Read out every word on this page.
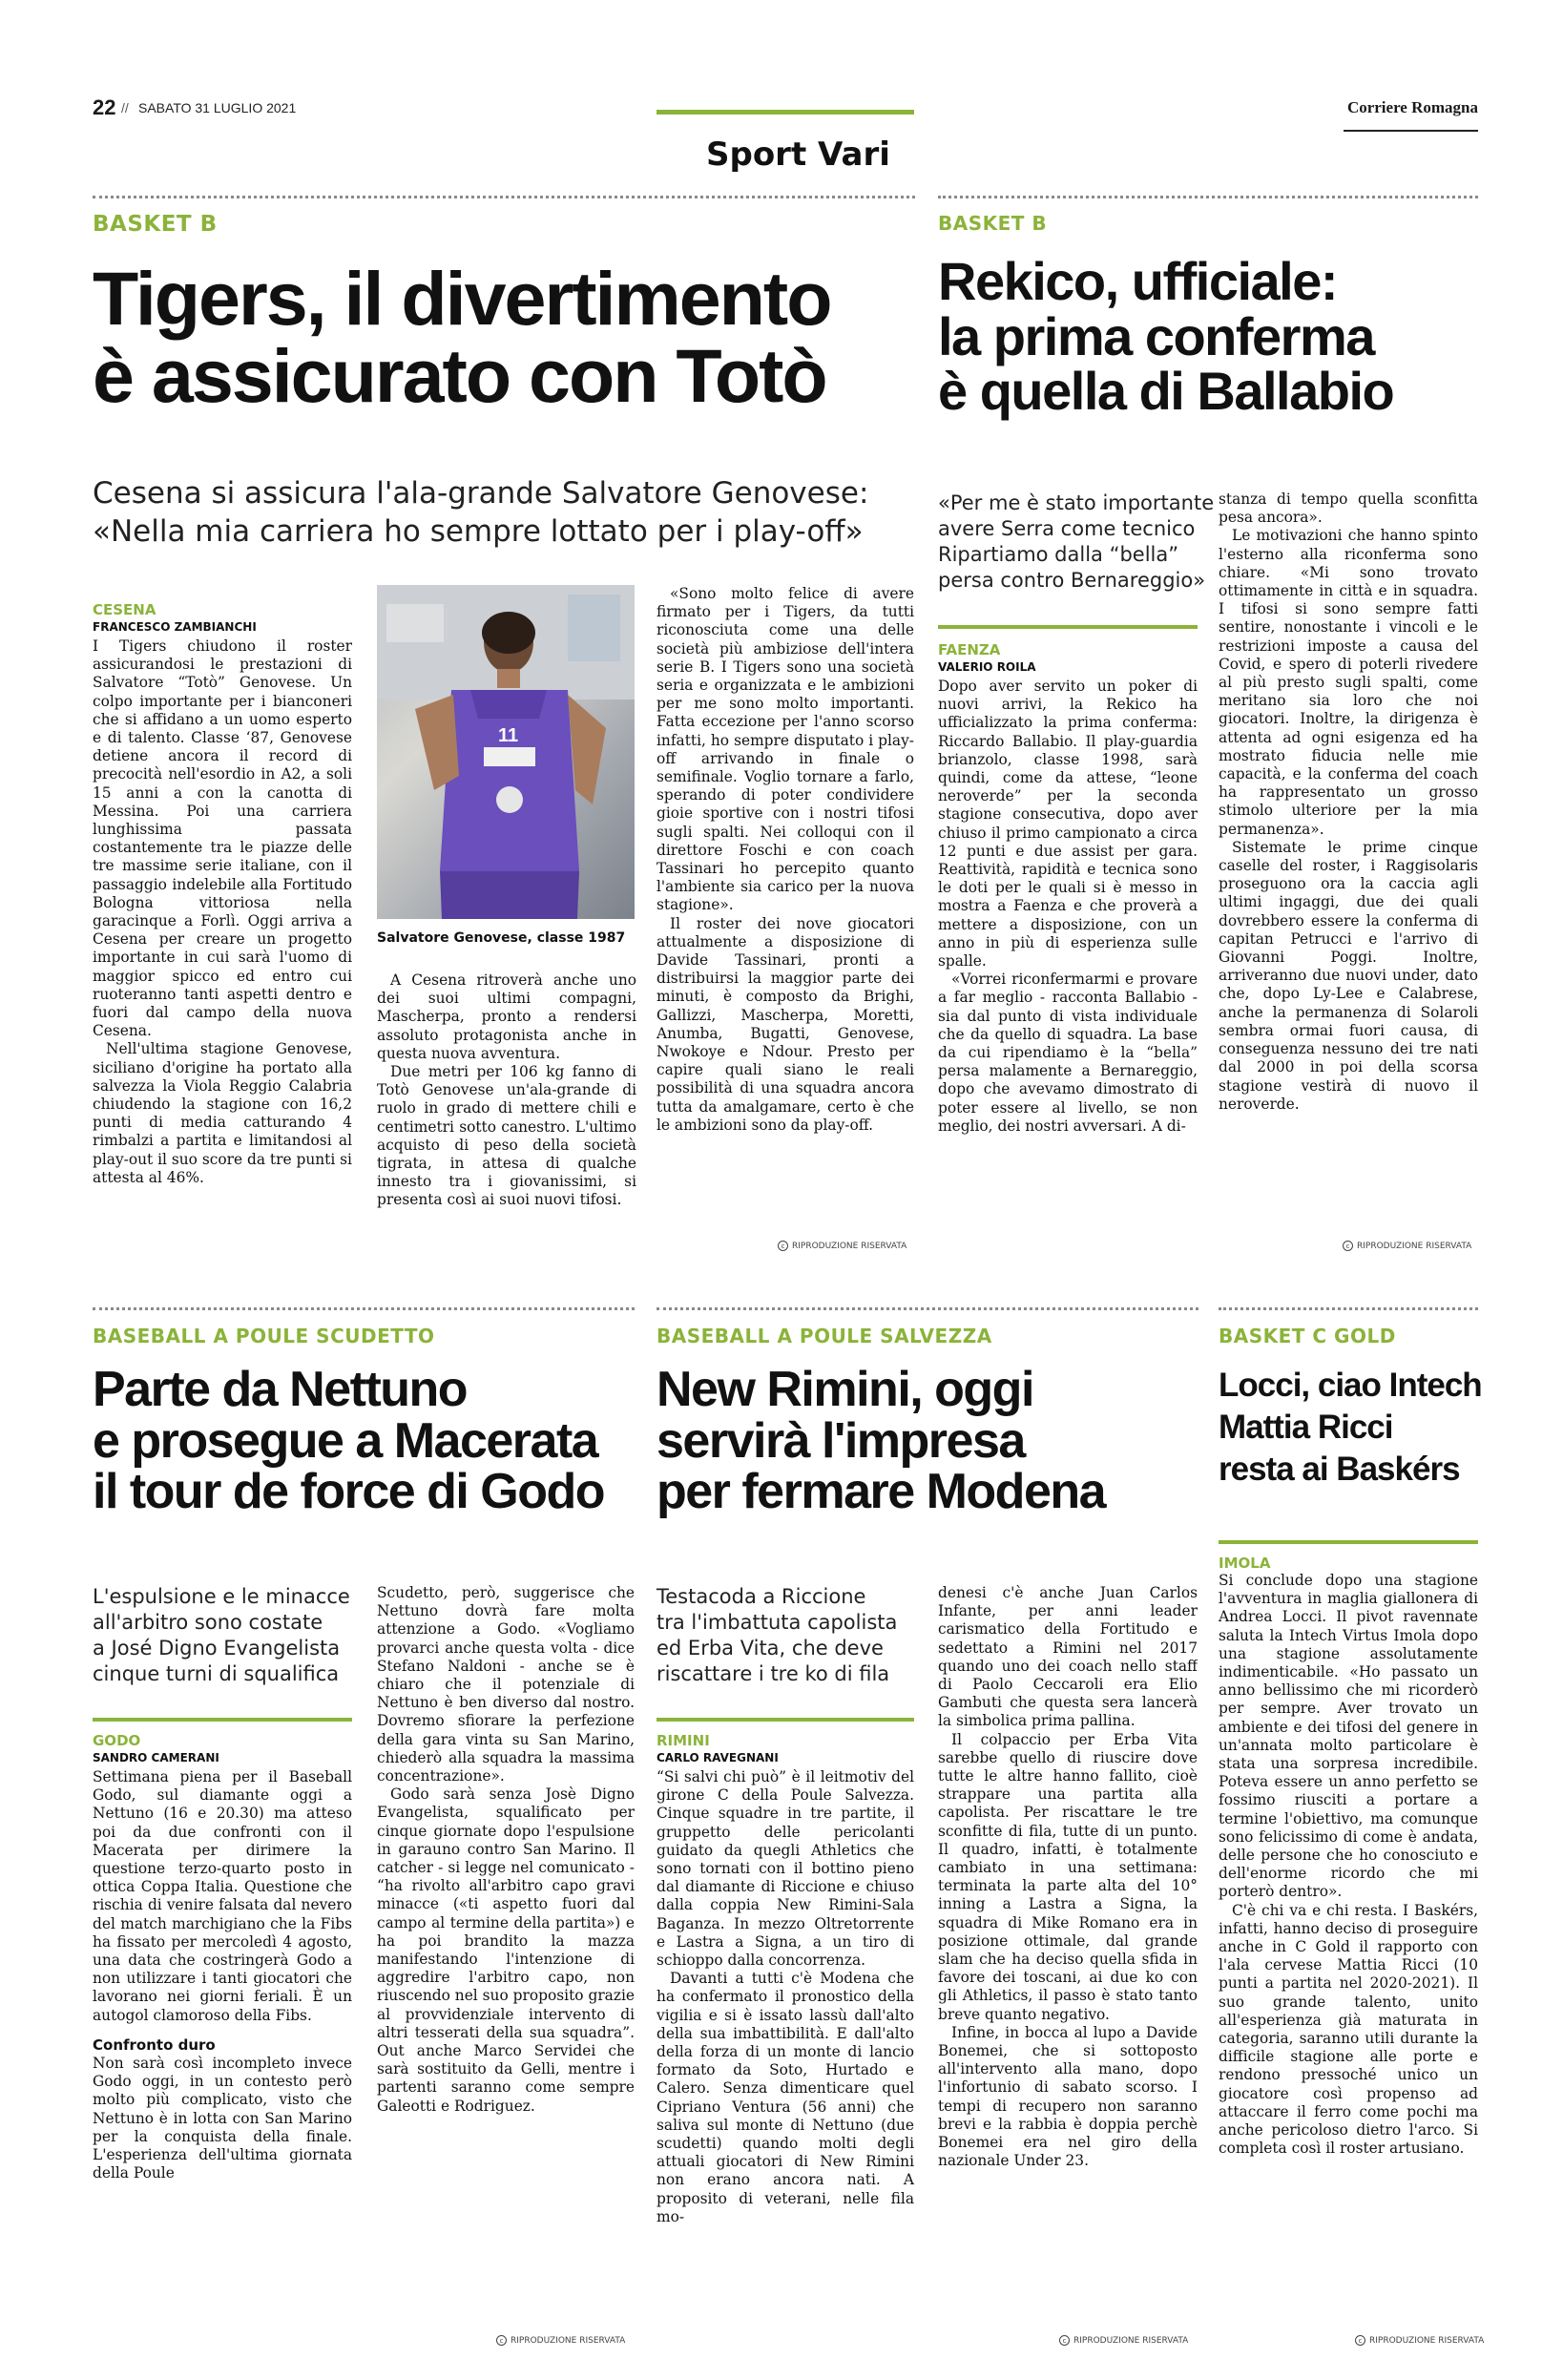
22 // SABATO 31 LUGLIO 2021	Corriere Romagna
Sport Vari
BASKET B
Tigers, il divertimento
è assicurato con Totò
Cesena si assicura l'ala-grande Salvatore Genovese:
«Nella mia carriera ho sempre lottato per i play-off»
CESENA
FRANCESCO ZAMBIANCHI

I Tigers chiudono il roster assicurandosi le prestazioni di Salvatore “Totò” Genovese. Un colpo importante per i bianconeri che si affidano a un uomo esperto e di talento. Classe ‘87, Genovese detiene ancora il record di precocità nell'esordio in A2, a soli 15 anni a con la canotta di Messina. Poi una carriera lunghissima passata costantemente tra le piazze delle tre massime serie italiane, con il passaggio indelebile alla Fortitudo Bologna vittoriosa nella garacinque a Forlì. Oggi arriva a Cesena per creare un progetto importante in cui sarà l'uomo di maggior spicco ed entro cui ruoteranno tanti aspetti dentro e fuori dal campo della nuova Cesena.

Nell'ultima stagione Genovese, siciliano d'origine ha portato alla salvezza la Viola Reggio Calabria chiudendo la stagione con 16,2 punti di media catturando 4 rimbalzi a partita e limitandosi al play-out il suo score da tre punti si attesta al 46%.

11
Salvatore Genovese, classe 1987

A Cesena ritroverà anche uno dei suoi ultimi compagni, Mascherpa, pronto a rendersi assoluto protagonista anche in questa nuova avventura.

Due metri per 106 kg fanno di Totò Genovese un'ala-grande di ruolo in grado di mettere chili e centimetri sotto canestro. L'ultimo acquisto di peso della società tigrata, in attesa di qualche innesto tra i giovanissimi, si presenta così ai suoi nuovi tifosi.

«Sono molto felice di avere firmato per i Tigers, da tutti riconosciuta come una delle società più ambiziose dell'intera serie B. I Tigers sono una società seria e organizzata e le ambizioni per me sono molto importanti. Fatta eccezione per l'anno scorso infatti, ho sempre disputato i play-off arrivando in finale o semifinale. Voglio tornare a farlo, sperando di poter condividere gioie sportive con i nostri tifosi sugli spalti. Nei colloqui con il direttore Foschi e con coach Tassinari ho percepito quanto l'ambiente sia carico per la nuova stagione».

Il roster dei nove giocatori attualmente a disposizione di Davide Tassinari, pronti a distribuirsi la maggior parte dei minuti, è composto da Brighi, Gallizzi, Mascherpa, Moretti, Anumba, Bugatti, Genovese, Nwokoye e Ndour. Presto per capire quali siano le reali possibilità di una squadra ancora tutta da amalgamare, certo è che le ambizioni sono da play-off.

c RIPRODUZIONE RISERVATA
BASKET B
Rekico, ufficiale:
la prima conferma
è quella di Ballabio
«Per me è stato importante
avere Serra come tecnico
Ripartiamo dalla “bella”
persa contro Bernareggio»
FAENZA
VALERIO ROILA

Dopo aver servito un poker di nuovi arrivi, la Rekico ha ufficializzato la prima conferma: Riccardo Ballabio. Il play-guardia brianzolo, classe 1998, sarà quindi, come da attese, “leone neroverde” per la seconda stagione consecutiva, dopo aver chiuso il primo campionato a circa 12 punti e due assist per gara. Reattività, rapidità e tecnica sono le doti per le quali si è messo in mostra a Faenza e che proverà a mettere a disposizione, con un anno in più di esperienza sulle spalle.

«Vorrei riconfermarmi e provare a far meglio - racconta Ballabio - sia dal punto di vista individuale che da quello di squadra. La base da cui ripendiamo è la “bella” persa malamente a Bernareggio, dopo che avevamo dimostrato di poter essere al livello, se non meglio, dei nostri avversari. A di-

stanza di tempo quella sconfitta pesa ancora».

Le motivazioni che hanno spinto l'esterno alla riconferma sono chiare. «Mi sono trovato ottimamente in città e in squadra. I tifosi si sono sempre fatti sentire, nonostante i vincoli e le restrizioni imposte a causa del Covid, e spero di poterli rivedere al più presto sugli spalti, come meritano sia loro che noi giocatori. Inoltre, la dirigenza è attenta ad ogni esigenza ed ha mostrato fiducia nelle mie capacità, e la conferma del coach ha rappresentato un grosso stimolo ulteriore per la mia permanenza».

Sistemate le prime cinque caselle del roster, i Raggisolaris proseguono ora la caccia agli ultimi ingaggi, due dei quali dovrebbero essere la conferma di capitan Petrucci e l'arrivo di Giovanni Poggi. Inoltre, arriveranno due nuovi under, dato che, dopo Ly-Lee e Calabrese, anche la permanenza di Solaroli sembra ormai fuori causa, di conseguenza nessuno dei tre nati dal 2000 in poi della scorsa stagione vestirà di nuovo il neroverde.

c RIPRODUZIONE RISERVATA
BASEBALL A POULE SCUDETTO
Parte da Nettuno
e prosegue a Macerata
il tour de force di Godo
L'espulsione e le minacce
all'arbitro sono costate
a José Digno Evangelista
cinque turni di squalifica
GODO
SANDRO CAMERANI

Settimana piena per il Baseball Godo, sul diamante oggi a Nettuno (16 e 20.30) ma atteso poi da due confronti con il Macerata per dirimere la questione terzo-quarto posto in ottica Coppa Italia. Questione che rischia di venire falsata dal nevero del match marchigiano che la Fibs ha fissato per mercoledì 4 agosto, una data che costringerà Godo a non utilizzare i tanti giocatori che lavorano nei giorni feriali. È un autogol clamoroso della Fibs.

Confronto duro

Non sarà così incompleto invece Godo oggi, in un contesto però molto più complicato, visto che Nettuno è in lotta con San Marino per la conquista della finale. L'esperienza dell'ultima giornata della Poule

Scudetto, però, suggerisce che Nettuno dovrà fare molta attenzione a Godo. «Vogliamo provarci anche questa volta - dice Stefano Naldoni - anche se è chiaro che il potenziale di Nettuno è ben diverso dal nostro. Dovremo sfiorare la perfezione della gara vinta su San Marino, chiederò alla squadra la massima concentrazione».

Godo sarà senza Josè Digno Evangelista, squalificato per cinque giornate dopo l'espulsione in garauno contro San Marino. Il catcher - si legge nel comunicato - “ha rivolto all'arbitro capo gravi minacce («ti aspetto fuori dal campo al termine della partita») e ha poi brandito la mazza manifestando l'intenzione di aggredire l'arbitro capo, non riuscendo nel suo proposito grazie al provvidenziale intervento di altri tesserati della sua squadra”. Out anche Marco Servidei che sarà sostituito da Gelli, mentre i partenti saranno come sempre Galeotti e Rodriguez.

c RIPRODUZIONE RISERVATA
BASEBALL A POULE SALVEZZA
New Rimini, oggi
servirà l'impresa
per fermare Modena
Testacoda a Riccione
tra l'imbattuta capolista
ed Erba Vita, che deve
riscattare i tre ko di fila
RIMINI
CARLO RAVEGNANI

“Si salvi chi può” è il leitmotiv del girone C della Poule Salvezza. Cinque squadre in tre partite, il gruppetto delle pericolanti guidato da quegli Athletics che sono tornati con il bottino pieno dal diamante di Riccione e chiuso dalla coppia New Rimini-Sala Baganza. In mezzo Oltretorrente e Lastra a Signa, a un tiro di schioppo dalla concorrenza.

Davanti a tutti c'è Modena che ha confermato il pronostico della vigilia e si è issato lassù dall'alto della sua imbattibilità. E dall'alto della forza di un monte di lancio formato da Soto, Hurtado e Calero. Senza dimenticare quel Cipriano Ventura (56 anni) che saliva sul monte di Nettuno (due scudetti) quando molti degli attuali giocatori di New Rimini non erano ancora nati. A proposito di veterani, nelle fila mo-

denesi c'è anche Juan Carlos Infante, per anni leader carismatico della Fortitudo e sedettato a Rimini nel 2017 quando uno dei coach nello staff di Paolo Ceccaroli era Elio Gambuti che questa sera lancerà la simbolica prima pallina.

Il colpaccio per Erba Vita sarebbe quello di riuscire dove tutte le altre hanno fallito, cioè strappare una partita alla capolista. Per riscattare le tre sconfitte di fila, tutte di un punto. Il quadro, infatti, è totalmente cambiato in una settimana: terminata la parte alta del 10° inning a Lastra a Signa, la squadra di Mike Romano era in posizione ottimale, dal grande slam che ha deciso quella sfida in favore dei toscani, ai due ko con gli Athletics, il passo è stato tanto breve quanto negativo.

Infine, in bocca al lupo a Davide Bonemei, che si sottoposto all'intervento alla mano, dopo l'infortunio di sabato scorso. I tempi di recupero non saranno brevi e la rabbia è doppia perchè Bonemei era nel giro della nazionale Under 23.

c RIPRODUZIONE RISERVATA
BASKET C GOLD
Locci, ciao Intech
Mattia Ricci
resta ai Baskérs
IMOLA

Si conclude dopo una stagione l'avventura in maglia giallonera di Andrea Locci. Il pivot ravennate saluta la Intech Virtus Imola dopo una stagione assolutamente indimenticabile. «Ho passato un anno bellissimo che mi ricorderò per sempre. Aver trovato un ambiente e dei tifosi del genere in un'annata molto particolare è stata una sorpresa incredibile. Poteva essere un anno perfetto se fossimo riusciti a portare a termine l'obiettivo, ma comunque sono felicissimo di come è andata, delle persone che ho conosciuto e dell'enorme ricordo che mi porterò dentro».

C'è chi va e chi resta. I Baskérs, infatti, hanno deciso di proseguire anche in C Gold il rapporto con l'ala cervese Mattia Ricci (10 punti a partita nel 2020-2021). Il suo grande talento, unito all'esperienza già maturata in categoria, saranno utili durante la difficile stagione alle porte e rendono pressoché unico un giocatore così propenso ad attaccare il ferro come pochi ma anche pericoloso dietro l'arco. Si completa così il roster artusiano.

c RIPRODUZIONE RISERVATA
